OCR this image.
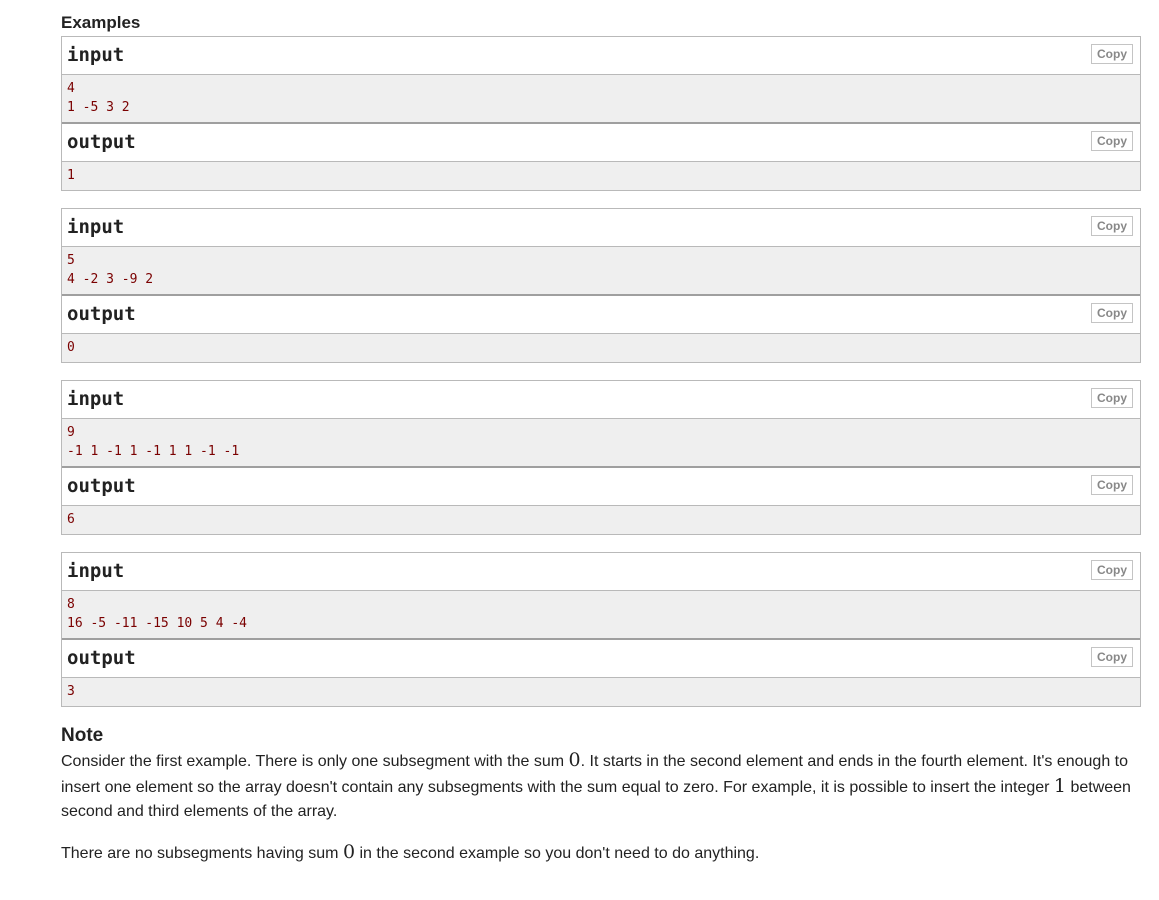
Examples
input	Copy
4
1 -5 3 2
output	Copy
1
input	Copy
5
4 -2 3 -9 2
output	Copy
0
input	Copy
9
-1 1 -1 1 -1 1 1 -1 -1
output	Copy
6
input	Copy
8
16 -5 -11 -15 10 5 4 -4
output	Copy
3
Note

Consider the first example. There is only one subsegment with the sum 0. It starts in the second element and ends in the fourth element. It's enough to insert one element so the array doesn't contain any subsegments with the sum equal to zero. For example, it is possible to insert the integer 1 between second and third elements of the array.

There are no subsegments having sum 0 in the second example so you don't need to do anything.
